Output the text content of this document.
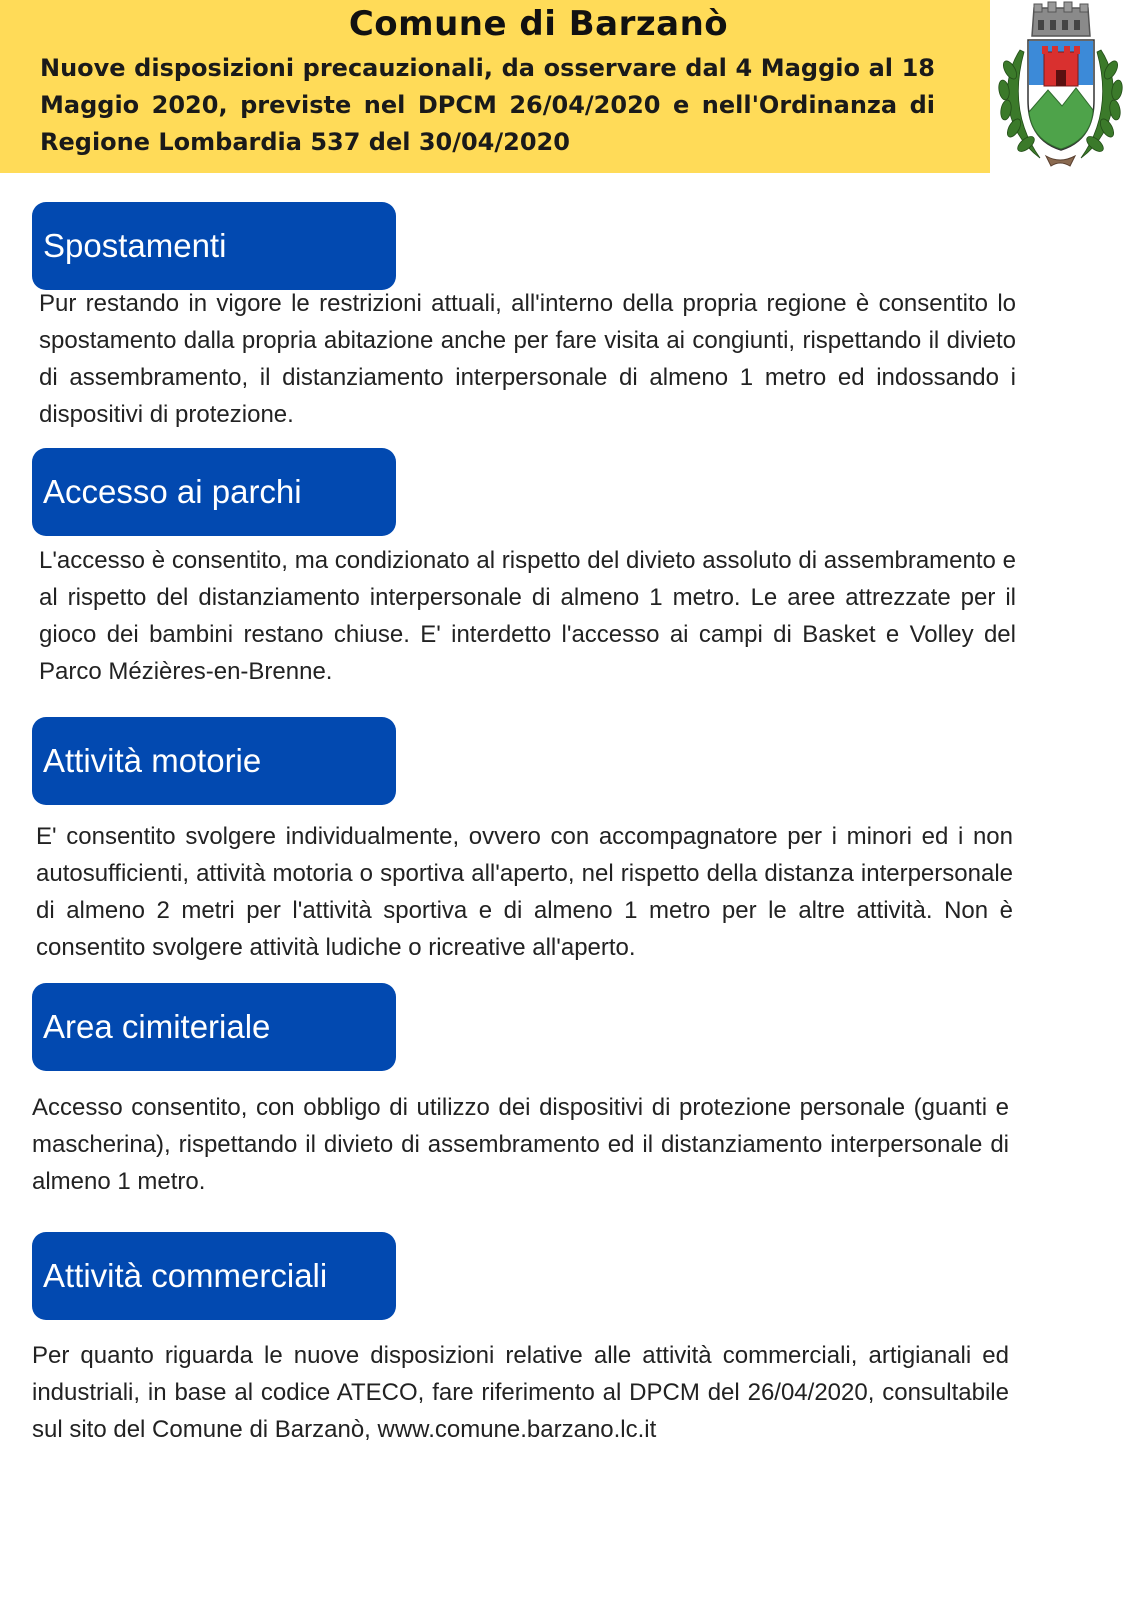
Comune di Barzanò
Nuove disposizioni precauzionali, da osservare dal 4 Maggio al 18 Maggio 2020, previste nel DPCM 26/04/2020 e nell'Ordinanza di Regione Lombardia 537 del 30/04/2020
Spostamenti
Pur restando in vigore le restrizioni attuali, all'interno della propria regione è consentito lo spostamento dalla propria abitazione anche per fare visita ai congiunti, rispettando il divieto di assembramento, il distanziamento interpersonale di almeno 1 metro ed indossando i dispositivi di protezione.
Accesso ai parchi
L'accesso è consentito, ma condizionato al rispetto del divieto assoluto di assembramento e al rispetto del distanziamento interpersonale di almeno 1 metro. Le aree attrezzate per il gioco dei bambini restano chiuse. E' interdetto l'accesso ai campi di Basket e Volley del Parco Mézières-en-Brenne.
Attività motorie
E' consentito svolgere individualmente, ovvero con accompagnatore per i minori ed i non autosufficienti, attività motoria o sportiva all'aperto, nel rispetto della distanza interpersonale di almeno 2 metri per l'attività sportiva e di almeno 1 metro per le altre attività. Non è consentito svolgere attività ludiche o ricreative all'aperto.
Area cimiteriale
Accesso consentito, con obbligo di utilizzo dei dispositivi di protezione personale (guanti e mascherina), rispettando il divieto di assembramento ed il distanziamento interpersonale di almeno 1 metro.
Attività commerciali
Per quanto riguarda le nuove disposizioni relative alle attività commerciali, artigianali ed industriali, in base al codice ATECO, fare riferimento al DPCM del 26/04/2020, consultabile sul sito del Comune di Barzanò, www.comune.barzano.lc.it
